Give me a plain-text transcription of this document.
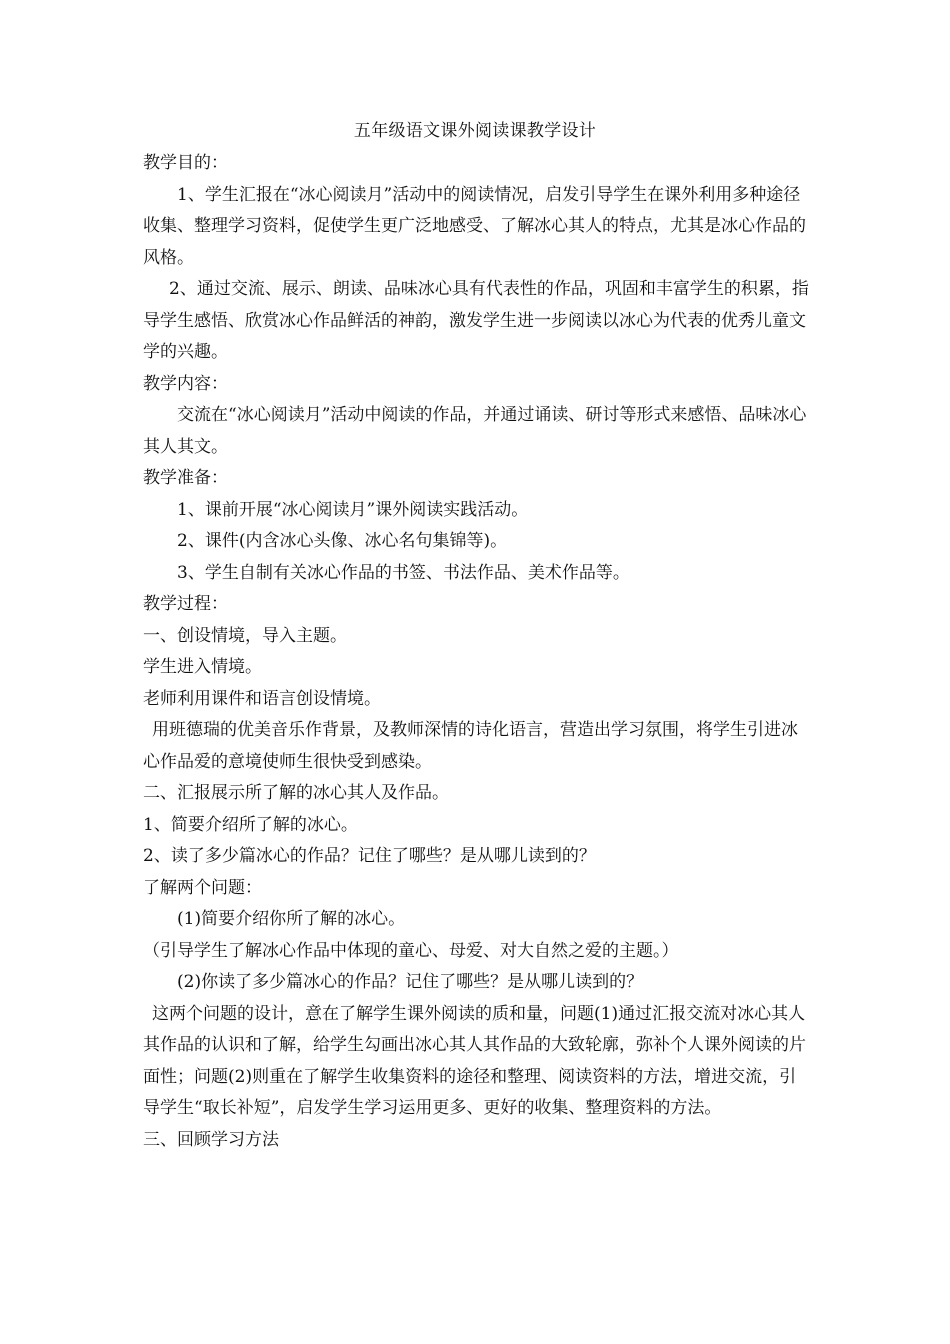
五年级语文课外阅读课教学设计

教学目的：

1、学生汇报在“冰心阅读月”活动中的阅读情况，启发引导学生在课外利用多种途径收集、整理学习资料，促使学生更广泛地感受、了解冰心其人的特点，尤其是冰心作品的风格。

2、通过交流、展示、朗读、品味冰心具有代表性的作品，巩固和丰富学生的积累，指导学生感悟、欣赏冰心作品鲜活的神韵，激发学生进一步阅读以冰心为代表的优秀儿童文学的兴趣。

教学内容：

交流在“冰心阅读月”活动中阅读的作品，并通过诵读、研讨等形式来感悟、品味冰心其人其文。

教学准备：

1、课前开展“冰心阅读月”课外阅读实践活动。

2、课件(内含冰心头像、冰心名句集锦等)。

3、学生自制有关冰心作品的书签、书法作品、美术作品等。

教学过程：

一、创设情境，导入主题。

学生进入情境。

老师利用课件和语言创设情境。

用班德瑞的优美音乐作背景，及教师深情的诗化语言，营造出学习氛围，将学生引进冰心作品爱的意境使师生很快受到感染。

二、汇报展示所了解的冰心其人及作品。

1、简要介绍所了解的冰心。

2、读了多少篇冰心的作品？记住了哪些？是从哪儿读到的？

了解两个问题：

(1)简要介绍你所了解的冰心。

（引导学生了解冰心作品中体现的童心、母爱、对大自然之爱的主题。）

(2)你读了多少篇冰心的作品？记住了哪些？是从哪儿读到的？

这两个问题的设计，意在了解学生课外阅读的质和量，问题(1)通过汇报交流对冰心其人其作品的认识和了解，给学生勾画出冰心其人其作品的大致轮廓，弥补个人课外阅读的片面性；问题(2)则重在了解学生收集资料的途径和整理、阅读资料的方法，增进交流，引导学生“取长补短”，启发学生学习运用更多、更好的收集、整理资料的方法。

三、回顾学习方法
